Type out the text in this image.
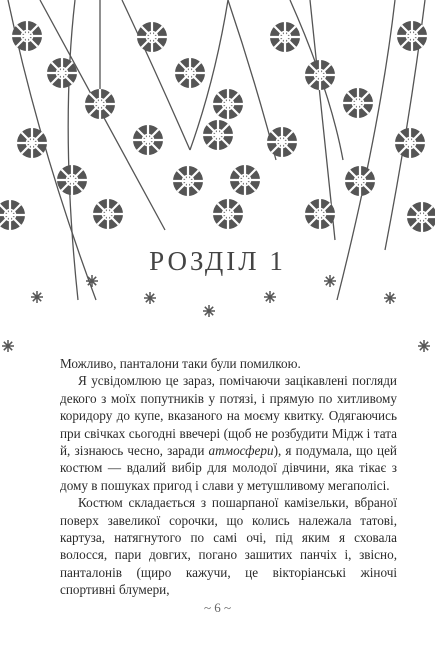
РОЗДІЛ 1

Можливо, панталони таки були помилкою.

Я усвідомлюю це зараз, помічаючи зацікавлені погляди декого з моїх попутників у потязі, і прямую по хитливому коридору до купе, вказаного на моєму квитку. Одягаючись при свічках сьогодні ввечері (щоб не розбудити Мідж і тата й, зізнаюсь чесно, заради атмосфери), я подумала, що цей костюм — вдалий вибір для молодої дівчини, яка тікає з дому в пошуках пригод і слави у метушливому мегаполісі.

Костюм складається з пошарпаної камізельки, вбраної поверх завеликої сорочки, що колись належала татові, картуза, натягнутого по самі очі, під яким я сховала волосся, пари довгих, погано зашитих панчіх і, звісно, панталонів (щиро кажучи, це вікторіанські жіночі спортивні блумери,

~ 6 ~
